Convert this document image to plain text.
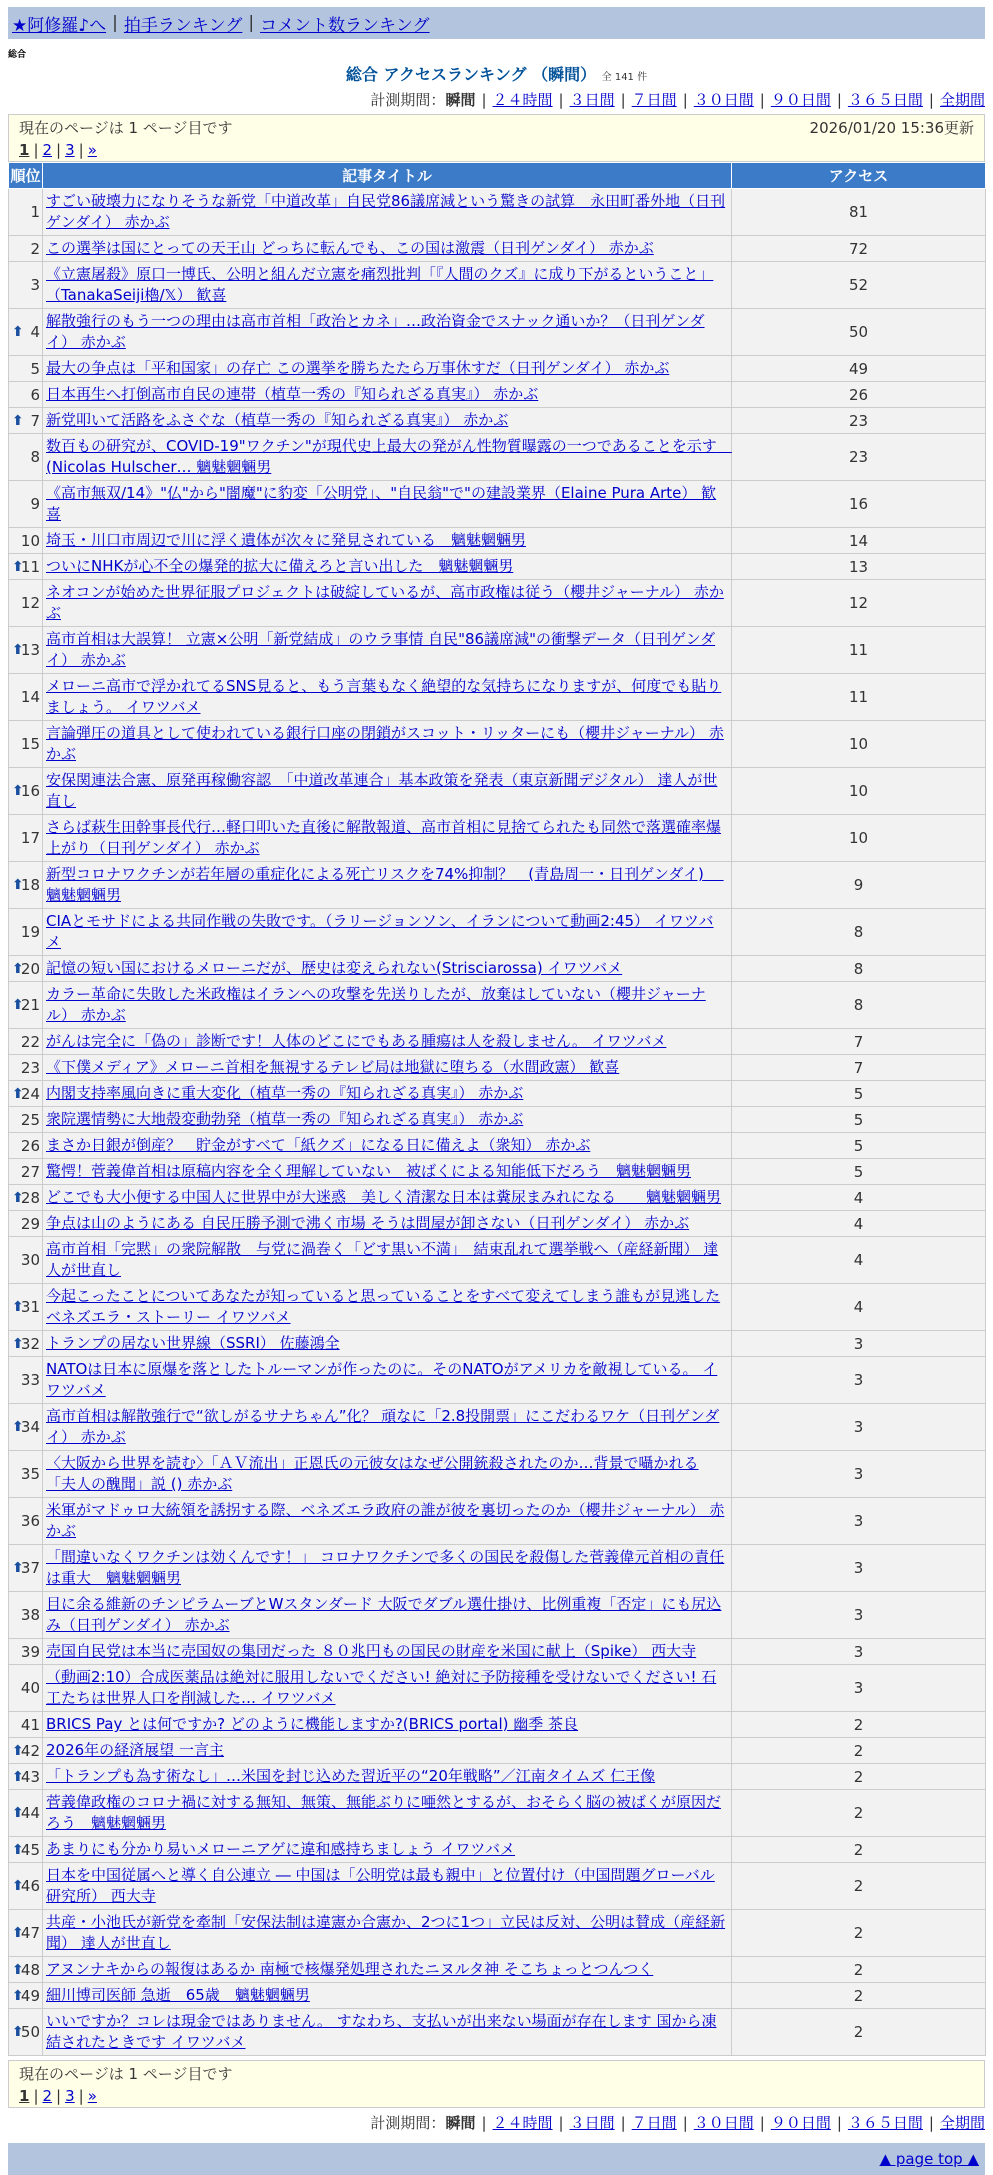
★阿修羅♪へ | 拍手ランキング | コメント数ランキング
総合
総合 アクセスランキング （瞬間） 全 141 件
計測期間：瞬間 | ２４時間 | ３日間 | ７日間 | ３０日間 | ９０日間 | ３６５日間 | 全期間
現在のページは 1 ページ目です	2026/01/20 15:36更新
1 | 2 | 3 | »
順位	記事タイトル	アクセス
1	すごい破壊力になりそうな新党「中道改革」自民党86議席減という驚きの試算　永田町番外地（日刊ゲンダイ） 赤かぶ	81
2	この選挙は国にとっての天王山 どっちに転んでも、この国は激震（日刊ゲンダイ） 赤かぶ	72
3	《立憲屠殺》原口一博氏、公明と組んだ立憲を痛烈批判「『人間のクズ』に成り下がるということ」（TanakaSeiji櫓/𝕏） 歓喜	52

⬆ 4	解散強行のもう一つの理由は高市首相「政治とカネ」…政治資金でスナック通いか？（日刊ゲンダイ） 赤かぶ	50
5	最大の争点は「平和国家」の存亡 この選挙を勝ちたたら万事休すだ（日刊ゲンダイ） 赤かぶ	49
6	日本再生へ打倒高市自民の連帯（植草一秀の『知られざる真実』） 赤かぶ	26

⬆ 7	新党叩いて活路をふさぐな（植草一秀の『知られざる真実』） 赤かぶ	23
8	数百もの研究が、COVID-19"ワクチン"が現代史上最大の発がん性物質曝露の一つであることを示す　(Nicolas Hulscher… 魑魅魍魎男	23
9	《高市無双/14》"仏"から"闇魔"に豹変「公明党」、"自民翁"で"の建設業界（Elaine Pura Arte） 歓喜	16
10	埼玉・川口市周辺で川に浮く遺体が次々に発見されている　魑魅魍魎男	14

⬆
11	ついにNHKが心不全の爆発的拡大に備えろと言い出した　魑魅魍魎男	13
12	ネオコンが始めた世界征服プロジェクトは破綻しているが、高市政権は従う（櫻井ジャーナル） 赤かぶ	12

⬆
13	高市首相は大誤算！ 立憲×公明「新党結成」のウラ事情 自民"86議席減"の衝撃データ（日刊ゲンダイ） 赤かぶ	11
14	メローニ高市で浮かれてるSNS見ると、もう言葉もなく絶望的な気持ちになりますが、何度でも貼りましょう。 イワツバメ	11
15	言論弾圧の道具として使われている銀行口座の閉鎖がスコット・リッターにも（櫻井ジャーナル） 赤かぶ	10

⬆
16	安保関連法合憲、原発再稼働容認　「中道改革連合」基本政策を発表（東京新聞デジタル） 達人が世直し	10
17	さらば萩生田幹事長代行…軽口叩いた直後に解散報道、高市首相に見捨てられたも同然で落選確率爆上がり（日刊ゲンダイ） 赤かぶ	10

⬆
18	新型コロナワクチンが若年層の重症化による死亡リスクを74%抑制？　(青島周一・日刊ゲンダイ)　 魑魅魍魎男	9
19	CIAとモサドによる共同作戦の失敗です。（ラリージョンソン、イランについて動画2:45） イワツバメ	8

⬆
20	記憶の短い国におけるメローニだが、歴史は変えられない(Strisciarossa) イワツバメ	8

⬆
21	カラー革命に失敗した米政権はイランへの攻撃を先送りしたが、放棄はしていない（櫻井ジャーナル） 赤かぶ	8
22	がんは完全に「偽の」診断です！人体のどこにでもある腫瘍は人を殺しません。 イワツバメ	7
23	《下僕メディア》メローニ首相を無視するテレビ局は地獄に堕ちる（水間政憲） 歓喜	7

⬆
24	内閣支持率風向きに重大変化（植草一秀の『知られざる真実』） 赤かぶ	5
25	衆院選情勢に大地殻変動勃発（植草一秀の『知られざる真実』） 赤かぶ	5
26	まさか日銀が倒産？　貯金がすべて「紙クズ」になる日に備えよ（衆知） 赤かぶ	5
27	驚愕！菅義偉首相は原稿内容を全く理解していない　被ばくによる知能低下だろう　魑魅魍魎男	5

⬆
28	どこでも大小便する中国人に世界中が大迷惑　美しく清潔な日本は糞尿まみれになる　　魑魅魍魎男	4
29	争点は山のようにある 自民圧勝予測で沸く市場 そうは問屋が卸さない（日刊ゲンダイ） 赤かぶ	4
30	高市首相「完黙」の衆院解散　与党に渦巻く「どす黒い不満」　結束乱れて選挙戦へ（産経新聞） 達人が世直し	4

⬆
31	今起こったことについてあなたが知っていると思っていることをすべて変えてしまう誰もが見逃したベネズエラ・ストーリー イワツバメ	4

⬆
32	トランプの居ない世界線（SSRI） 佐藤鴻全	3
33	NATOは日本に原爆を落としたトルーマンが作ったのに。そのNATOがアメリカを敵視している。 イワツバメ	3

⬆
34	高市首相は解散強行で“欲しがるサナちゃん”化？ 頑なに「2.8投開票」にこだわるワケ（日刊ゲンダイ） 赤かぶ	3
35	〈大阪から世界を読む〉「ＡＶ流出」正恩氏の元彼女はなぜ公開銃殺されたのか…背景で囁かれる「夫人の醜聞」説 () 赤かぶ	3
36	米軍がマドゥロ大統領を誘拐する際、ベネズエラ政府の誰が彼を裏切ったのか（櫻井ジャーナル） 赤かぶ	3

⬆
37	「間違いなくワクチンは効くんです！」 コロナワクチンで多くの国民を殺傷した菅義偉元首相の責任は重大　魑魅魍魎男	3
38	目に余る維新のチンピラムーブとWスタンダード 大阪でダブル選仕掛け、比例重複「否定」にも尻込み（日刊ゲンダイ） 赤かぶ	3
39	売国自民党は本当に売国奴の集団だった ８０兆円もの国民の財産を米国に献上（Spike） 西大寺	3
40	（動画2:10）合成医薬品は絶対に服用しないでください! 絶対に予防接種を受けないでください! 石工たちは世界人口を削減した… イワツバメ	3
41	BRICS Pay とは何ですか? どのように機能しますか?(BRICS portal) 幽季 茶良	2

⬆
42	2026年の経済展望 一言主	2

⬆
43	「トランプも為す術なし」…米国を封じ込めた習近平の“20年戦略”／江南タイムズ 仁王像	2

⬆
44	菅義偉政権のコロナ禍に対する無知、無策、無能ぶりに唖然とするが、おそらく脳の被ばくが原因だろう　魑魅魍魎男	2

⬆
45	あまりにも分かり易いメローニアゲに違和感持ちましょう イワツバメ	2

⬆
46	日本を中国従属へと導く自公連立 ― 中国は「公明党は最も親中」と位置付け（中国問題グローバル研究所） 西大寺	2

⬆
47	共産・小池氏が新党を牽制「安保法制は違憲か合憲か、2つに1つ」立民は反対、公明は賛成（産経新聞） 達人が世直し	2

⬆
48	アヌンナキからの報復はあるか 南極で核爆発処理されたニヌルタ神 そこちょっとつんつく	2

⬆
49	細川博司医師 急逝　65歳　魑魅魍魎男	2

⬆
50	いいですか？コレは現金ではありません。 すなわち、支払いが出来ない場面が存在します 国から凍結されたときです イワツバメ	2
現在のページは 1 ページ目です
1 | 2 | 3 | »
計測期間：瞬間 | ２４時間 | ３日間 | ７日間 | ３０日間 | ９０日間 | ３６５日間 | 全期間
▲ page top ▲
